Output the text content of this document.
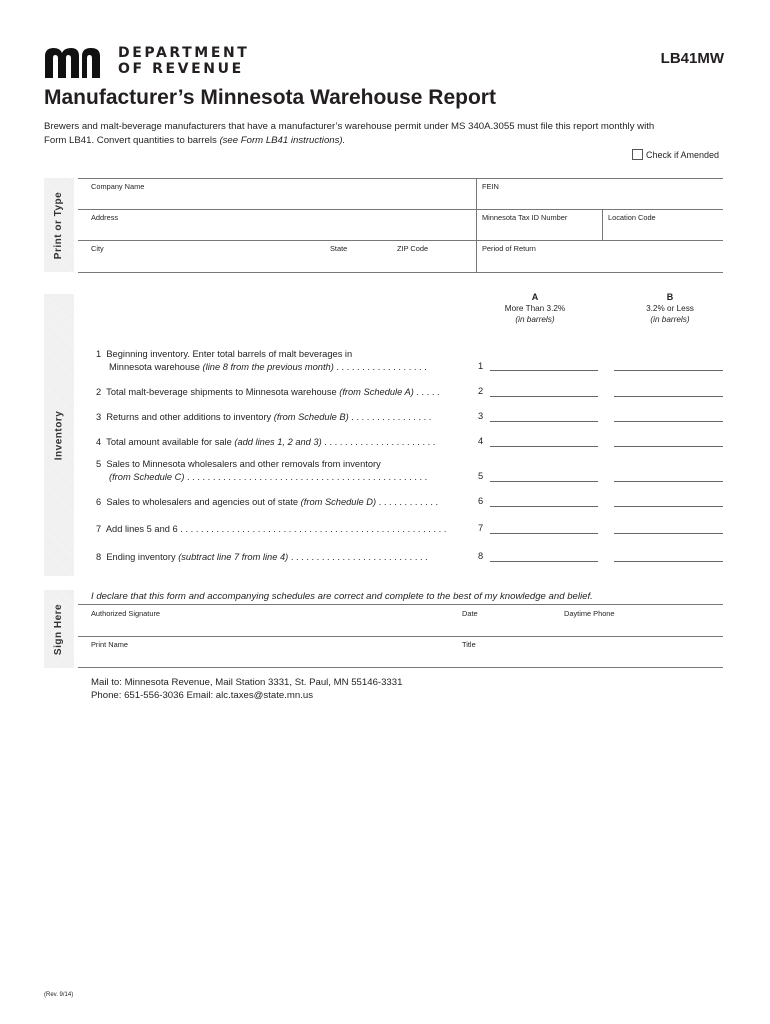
DEPARTMENT
OF REVENUE
LB41MW
Manufacturer’s Minnesota Warehouse Report
Brewers and malt-beverage manufacturers that have a manufacturer’s warehouse permit under MS 340A.3055 must file this report monthly with
Form LB41. Convert quantities to barrels (see Form LB41 instructions).
Check if Amended
Print or Type
Company Name	FEIN
Address	Minnesota Tax ID Number	Location Code
City	State	ZIP Code	Period of Return
Inventory
A
More Than 3.2%
(in barrels)
B
3.2% or Less
(in barrels)
1 Beginning inventory. Enter total barrels of malt beverages in
Minnesota warehouse (line 8 from the previous month) . . . . . . . . . . . . . . . . . .	1
2 Total malt-beverage shipments to Minnesota warehouse (from Schedule A) . . . . .	2
3 Returns and other additions to inventory (from Schedule B) . . . . . . . . . . . . . . . .	3
4 Total amount available for sale (add lines 1, 2 and 3) . . . . . . . . . . . . . . . . . . . . . .	4
5 Sales to Minnesota wholesalers and other removals from inventory
(from Schedule C) . . . . . . . . . . . . . . . . . . . . . . . . . . . . . . . . . . . . . . . . . . . . . . .	5
6 Sales to wholesalers and agencies out of state (from Schedule D) . . . . . . . . . . . .	6
7 Add lines 5 and 6 . . . . . . . . . . . . . . . . . . . . . . . . . . . . . . . . . . . . . . . . . . . . . . . . . . . .	7
8 Ending inventory (subtract line 7 from line 4) . . . . . . . . . . . . . . . . . . . . . . . . . . .	8
Sign Here
I declare that this form and accompanying schedules are correct and complete to the best of my knowledge and belief.
Authorized Signature	Date	Daytime Phone
Print Name	Title
Mail to: Minnesota Revenue, Mail Station 3331, St. Paul, MN 55146-3331
Phone: 651-556-3036 Email: alc.taxes@state.mn.us
(Rev. 9/14)
